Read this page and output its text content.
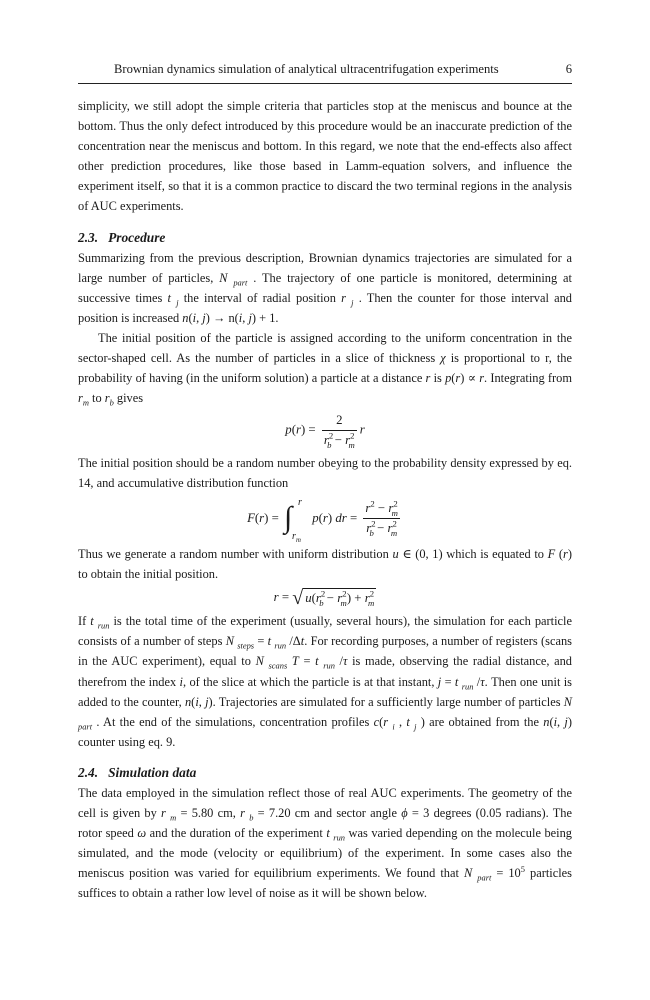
Brownian dynamics simulation of analytical ultracentrifugation experiments	6

simplicity, we still adopt the simple criteria that particles stop at the meniscus and bounce at the bottom. Thus the only defect introduced by this procedure would be an inaccurate prediction of the concentration near the meniscus and bottom. In this regard, we note that the end-effects also affect other prediction procedures, like those based in Lamm-equation solvers, and influence the experiment itself, so that it is a common practice to discard the two terminal regions in the analysis of AUC experiments.

2.3. Procedure

Summarizing from the previous description, Brownian dynamics trajectories are simulated for a large number of particles, N $_{part}$ . The trajectory of one particle is monitored, determining at successive times t $_j$ the interval of radial position r $_j$ . Then the counter for those interval and position is increased n(i, j) → n(i, j) + 1.

The initial position of the particle is assigned according to the uniform concentration in the sector-shaped cell. As the number of particles in a slice of thickness χ is proportional to r, the probability of having (in the uniform solution) a particle at a distance r is p(r) ∝ r. Integrating from $r_m$ to $r_b$ gives

$p(r) = \frac{2}{r^2_b - r^2_m}$ r

The initial position should be a random number obeying to the probability density expressed by eq. 14, and accumulative distribution function

F(r) = ∫ r
$r_m$
p(r) dr = $\frac{r^2 - r^2_m}{r^2_b - r^2_m}$

Thus we generate a random number with uniform distribution u ∈ (0, 1) which is equated to F (r) to obtain the initial position.

r = √ $u(r^2_b - r^2_m) + r^2_m$

If t $_{run}$ is the total time of the experiment (usually, several hours), the simulation for each particle consists of a number of steps N $_{steps}$ = t $_{run}$ /Δt. For recording purposes, a number of registers (scans in the AUC experiment), equal to N $_{scans}$ T = t $_{run}$ /τ is made, observing the radial distance, and therefrom the index i, of the slice at which the particle is at that instant, j = t $_{run}$ /τ. Then one unit is added to the counter, n(i, j). Trajectories are simulated for a sufficiently large number of particles N $_{part}$ . At the end of the simulations, concentration profiles c(r $_i$ , t $_j$ ) are obtained from the n(i, j) counter using eq. 9.

2.4. Simulation data

The data employed in the simulation reflect those of real AUC experiments. The geometry of the cell is given by r $_m$ = 5.80 cm, r $_b$ = 7.20 cm and sector angle ϕ = 3 degrees (0.05 radians). The rotor speed ω and the duration of the experiment t $_{run}$ was varied depending on the molecule being simulated, and the mode (velocity or equilibrium) of the experiment. In some cases also the meniscus position was varied for equilibrium experiments. We found that N $_{part} = 10^5$ particles suffices to obtain a rather low level of noise as it will be shown below.
